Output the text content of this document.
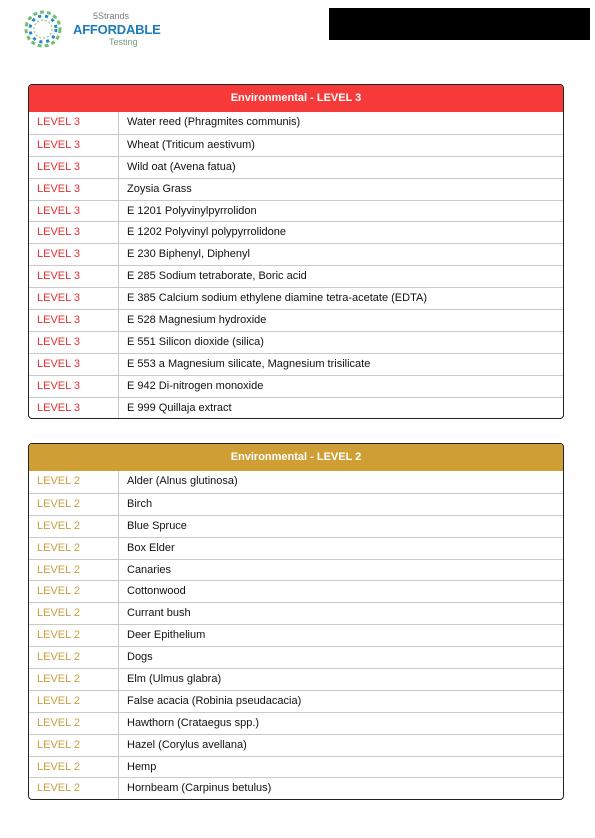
5Strands
AFFORDABLE
Testing
Environmental - LEVEL 3
LEVEL 3	Water reed (Phragmites communis)
LEVEL 3	Wheat (Triticum aestivum)
LEVEL 3	Wild oat (Avena fatua)
LEVEL 3	Zoysia Grass
LEVEL 3	E 1201 Polyvinylpyrrolidon
LEVEL 3	E 1202 Polyvinyl polypyrrolidone
LEVEL 3	E 230 Biphenyl, Diphenyl
LEVEL 3	E 285 Sodium tetraborate, Boric acid
LEVEL 3	E 385 Calcium sodium ethylene diamine tetra-acetate (EDTA)
LEVEL 3	E 528 Magnesium hydroxide
LEVEL 3	E 551 Silicon dioxide (silica)
LEVEL 3	E 553 a Magnesium silicate, Magnesium trisilicate
LEVEL 3	E 942 Di-nitrogen monoxide
LEVEL 3	E 999 Quillaja extract
Environmental - LEVEL 2
LEVEL 2	Alder (Alnus glutinosa)
LEVEL 2	Birch
LEVEL 2	Blue Spruce
LEVEL 2	Box Elder
LEVEL 2	Canaries
LEVEL 2	Cottonwood
LEVEL 2	Currant bush
LEVEL 2	Deer Epithelium
LEVEL 2	Dogs
LEVEL 2	Elm (Ulmus glabra)
LEVEL 2	False acacia (Robinia pseudacacia)
LEVEL 2	Hawthorn (Crataegus spp.)
LEVEL 2	Hazel (Corylus avellana)
LEVEL 2	Hemp
LEVEL 2	Hornbeam (Carpinus betulus)
